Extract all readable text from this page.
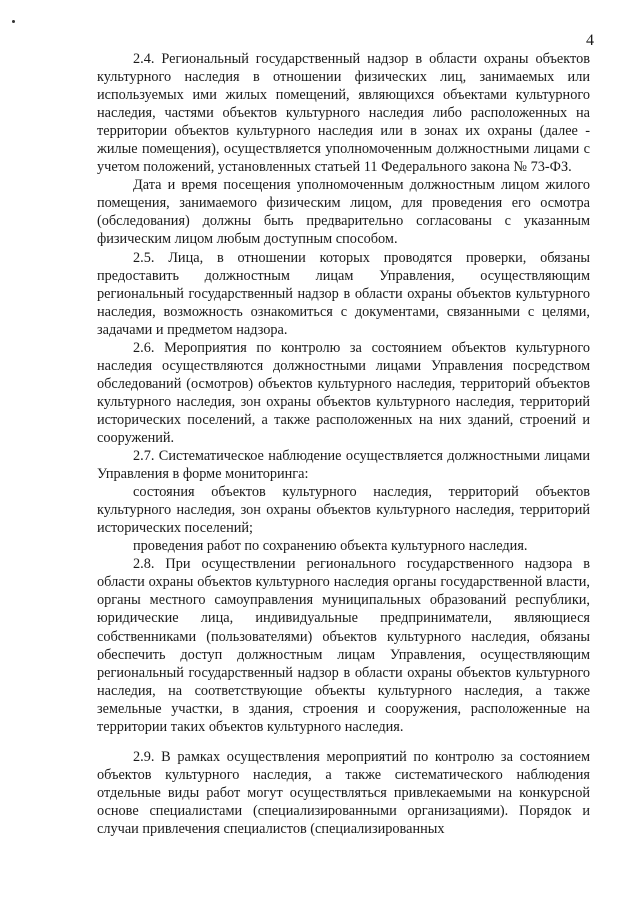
4

2.4. Региональный государственный надзор в области охраны объектов культурного наследия в отношении физических лиц, занимаемых или используемых ими жилых помещений, являющихся объектами культурного наследия, частями объектов культурного наследия либо расположенных на территории объектов культурного наследия или в зонах их охраны (далее - жилые помещения), осуществляется уполномоченным должностными лицами с учетом положений, установленных статьей 11 Федерального закона № 73-ФЗ.

Дата и время посещения уполномоченным должностным лицом жилого помещения, занимаемого физическим лицом, для проведения его осмотра (обследования) должны быть предварительно согласованы с указанным физическим лицом любым доступным способом.

2.5. Лица, в отношении которых проводятся проверки, обязаны предоставить должностным лицам Управления, осуществляющим региональный государственный надзор в области охраны объектов культурного наследия, возможность ознакомиться с документами, связанными с целями, задачами и предметом надзора.

2.6. Мероприятия по контролю за состоянием объектов культурного наследия осуществляются должностными лицами Управления посредством обследований (осмотров) объектов культурного наследия, территорий объектов культурного наследия, зон охраны объектов культурного наследия, территорий исторических поселений, а также расположенных на них зданий, строений и сооружений.

2.7. Систематическое наблюдение осуществляется должностными лицами Управления в форме мониторинга:

состояния объектов культурного наследия, территорий объектов культурного наследия, зон охраны объектов культурного наследия, территорий исторических поселений;

проведения работ по сохранению объекта культурного наследия.

2.8. При осуществлении регионального государственного надзора в области охраны объектов культурного наследия органы государственной власти, органы местного самоуправления муниципальных образований республики, юридические лица, индивидуальные предприниматели, являющиеся собственниками (пользователями) объектов культурного наследия, обязаны обеспечить доступ должностным лицам Управления, осуществляющим региональный государственный надзор в области охраны объектов культурного наследия, на соответствующие объекты культурного наследия, а также земельные участки, в здания, строения и сооружения, расположенные на территории таких объектов культурного наследия.

2.9. В рамках осуществления мероприятий по контролю за состоянием объектов культурного наследия, а также систематического наблюдения отдельные виды работ могут осуществляться привлекаемыми на конкурсной основе специалистами (специализированными организациями). Порядок и случаи привлечения специалистов (специализированных
